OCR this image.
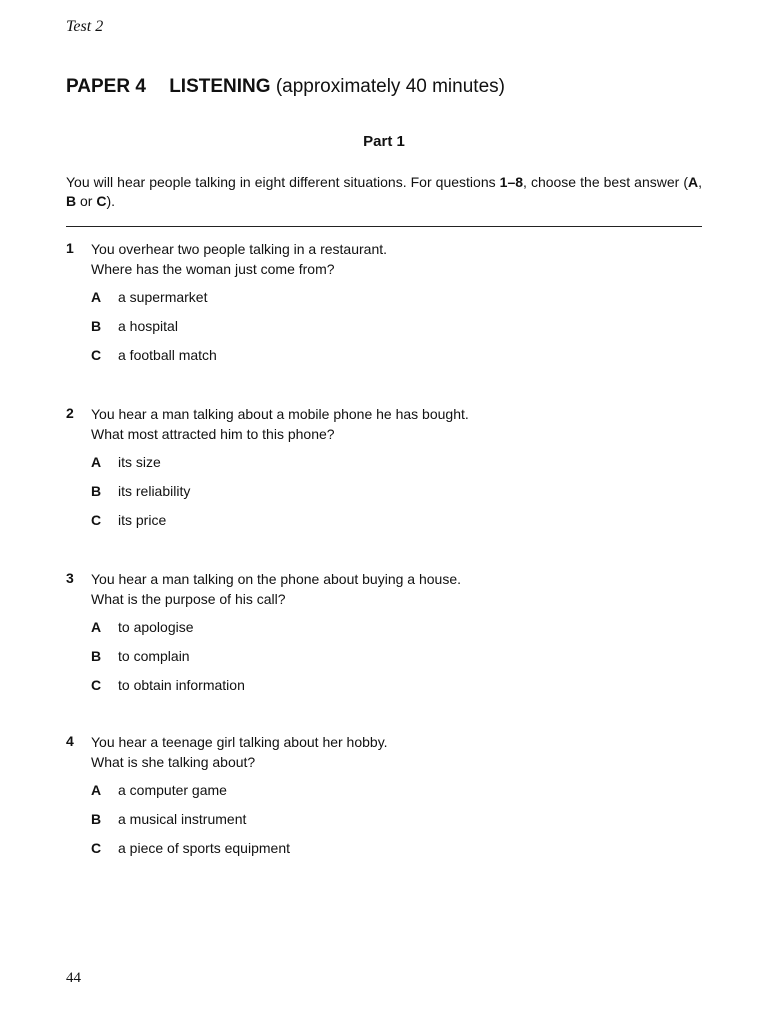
Test 2
PAPER 4 LISTENING (approximately 40 minutes)
Part 1
You will hear people talking in eight different situations. For questions 1–8, choose the best answer (A, B or C).
1 You overhear two people talking in a restaurant.
Where has the woman just come from?
A a supermarket
B a hospital
C a football match
2 You hear a man talking about a mobile phone he has bought.
What most attracted him to this phone?
A its size
B its reliability
C its price
3 You hear a man talking on the phone about buying a house.
What is the purpose of his call?
A to apologise
B to complain
C to obtain information
4 You hear a teenage girl talking about her hobby.
What is she talking about?
A a computer game
B a musical instrument
C a piece of sports equipment
44
